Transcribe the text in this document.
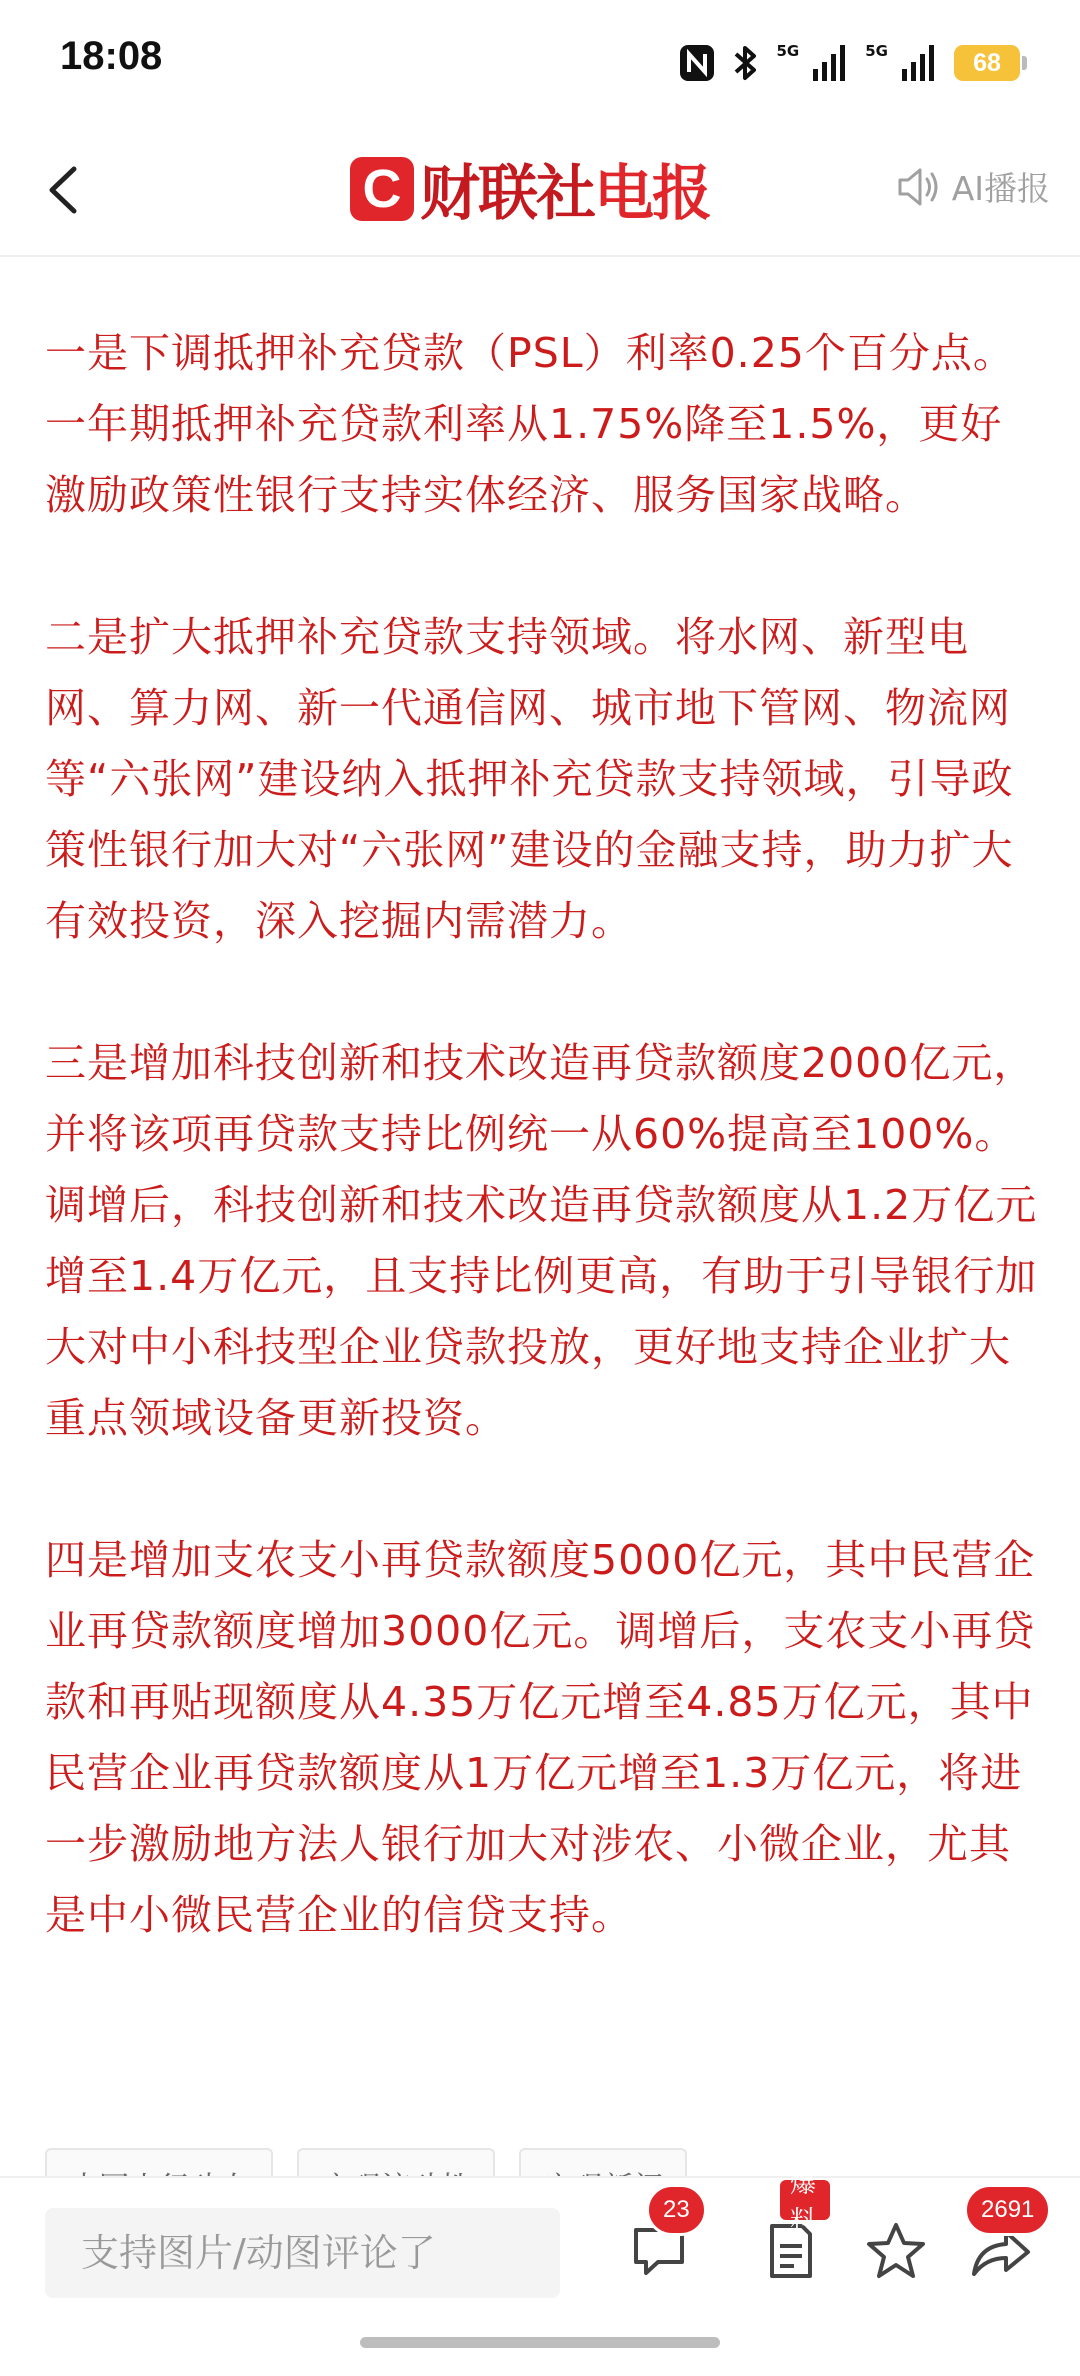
18:08	5G	5G	68
C 财联社 电报	AI播报

一是下调抵押补充贷款（PSL）利率0.25个百分点。一年期抵押补充贷款利率从1.75%降至1.5%，更好激励政策性银行支持实体经济、服务国家战略。

二是扩大抵押补充贷款支持领域。将水网、新型电网、算力网、新一代通信网、城市地下管网、物流网等“六张网”建设纳入抵押补充贷款支持领域，引导政策性银行加大对“六张网”建设的金融支持，助力扩大有效投资，深入挖掘内需潜力。

三是增加科技创新和技术改造再贷款额度2000亿元，并将该项再贷款支持比例统一从60%提高至100%。调增后，科技创新和技术改造再贷款额度从1.2万亿元增至1.4万亿元，且支持比例更高，有助于引导银行加大对中小科技型企业贷款投放，更好地支持企业扩大重点领域设备更新投资。

四是增加支农支小再贷款额度5000亿元，其中民营企业再贷款额度增加3000亿元。调增后，支农支小再贷款和再贴现额度从4.35万亿元增至4.85万亿元，其中民营企业再贷款额度从1万亿元增至1.3万亿元，将进一步激励地方法人银行加大对涉农、小微企业，尤其是中小微民营企业的信贷支持。

支持图片/动图评论了
23
爆料	2691
